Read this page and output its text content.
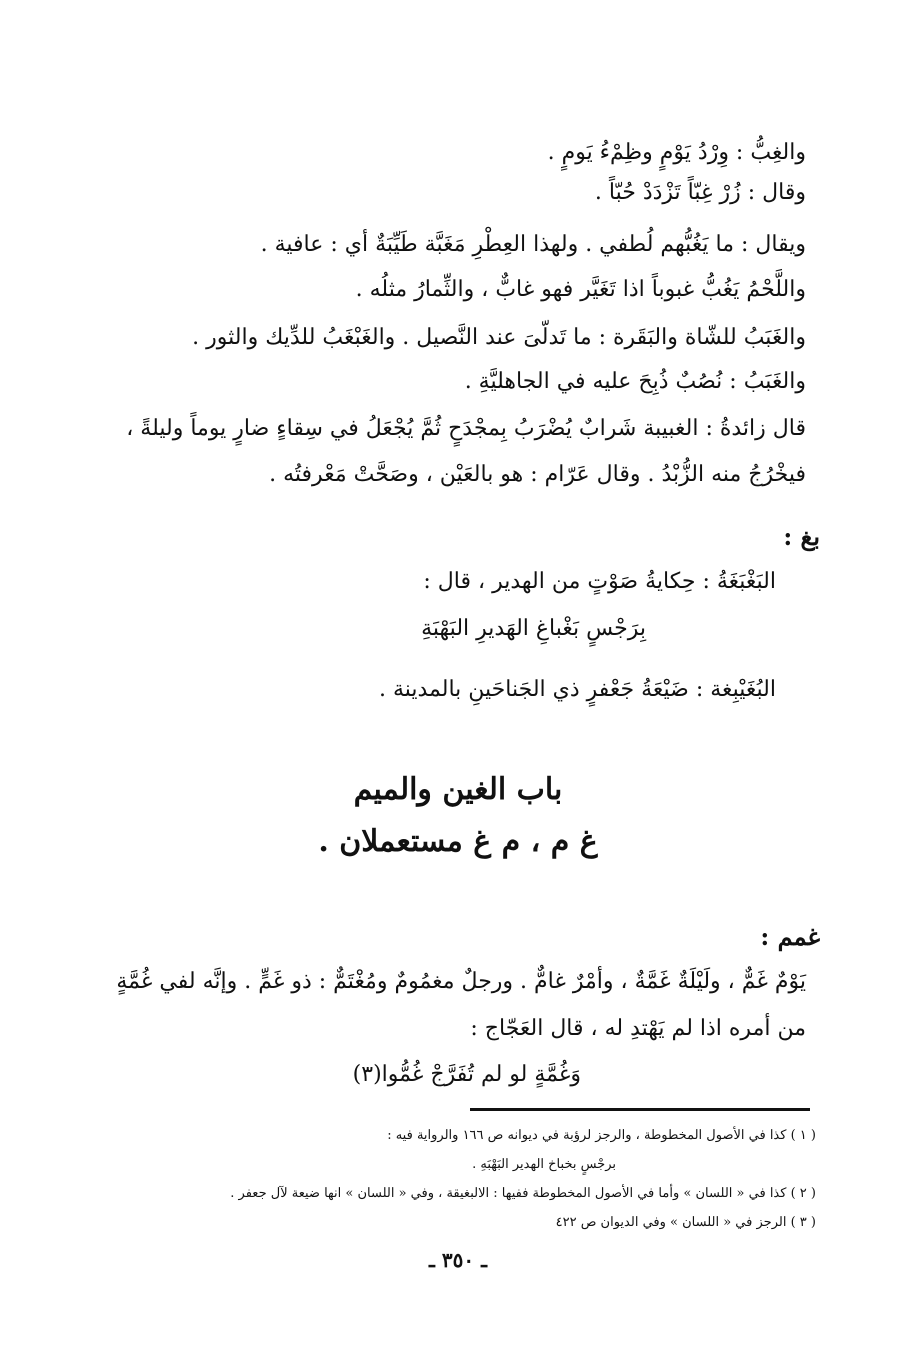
والغِبُّ : وِرْدُ يَوْمٍ وظِمْءُ يَومٍ .
وقال : زُرْ غِبّاً تَزْدَدْ حُبّاً .
ويقال : ما يَغُبُّهم لُطفي . ولهذا العِطْرِ مَغَبَّة طَيِّبَةٌ أي : عافية .
واللَّحْمُ يَغُبُّ غبوباً اذا تَغَيَّر فهو غابٌّ ، والثِّمارُ مثلُه .
والغَبَبُ للشّاة والبَقَرة : ما تَدلّىَ عند النَّصيل . والغَبْغَبُ للدِّيك والثور .
والغَبَبُ : نُصُبٌ ذُبِحَ عليه في الجاهليَّةِ .
قال زائدةُ : الغبيبة شَرابٌ يُضْرَبُ بِمجْدَحٍ ثُمَّ يُجْعَلُ في سِقاءٍ ضارٍ يوماً وليلةً ،
فيخْرُجُ منه الزُّبْدُ . وقال عَرّام : هو بالعَيْن ، وصَحَّتْ مَعْرفتُه .
بغ :
البَغْبَغَةُ : حِكايةُ صَوْتٍ من الهدير ، قال :
بِرَجْسٍ بَغْباغِ الهَديرِ البَهْبَةِ
البُغَيْبِغة : ضَيْعَةُ جَعْفرٍ ذي الجَناحَينِ بالمدينة .
باب الغين والميم
غ م ، م غ مستعملان .
غمم :
يَوْمٌ غَمٌّ ، ولَيْلَةٌ غَمَّةٌ ، وأمْرٌ غامٌّ . ورجلٌ مغمُومٌ ومُغْتَمٌّ : ذو غَمٍّ . وإنَّه لفي غُمَّةٍ
من أمره اذا لم يَهْتدِ له ، قال العَجّاج :
وَغُمَّةٍ لو لم تُفَرَّجْ غُمُّوا(٣)
( ١ ) كذا في الأصول المخطوطة ، والرجز لرؤبة في ديوانه ص ١٦٦ والرواية فيه :
برجْسٍ بخباخ الهدير البَهْبَهِ .
( ٢ ) كذا في « اللسان » وأما في الأصول المخطوطة ففيها : الالبغيقة ، وفي « اللسان » انها ضيعة لآل جعفر .
( ٣ ) الرجز في « اللسان » وفي الديوان ص ٤٢٢
ـ ٣٥٠ ـ
